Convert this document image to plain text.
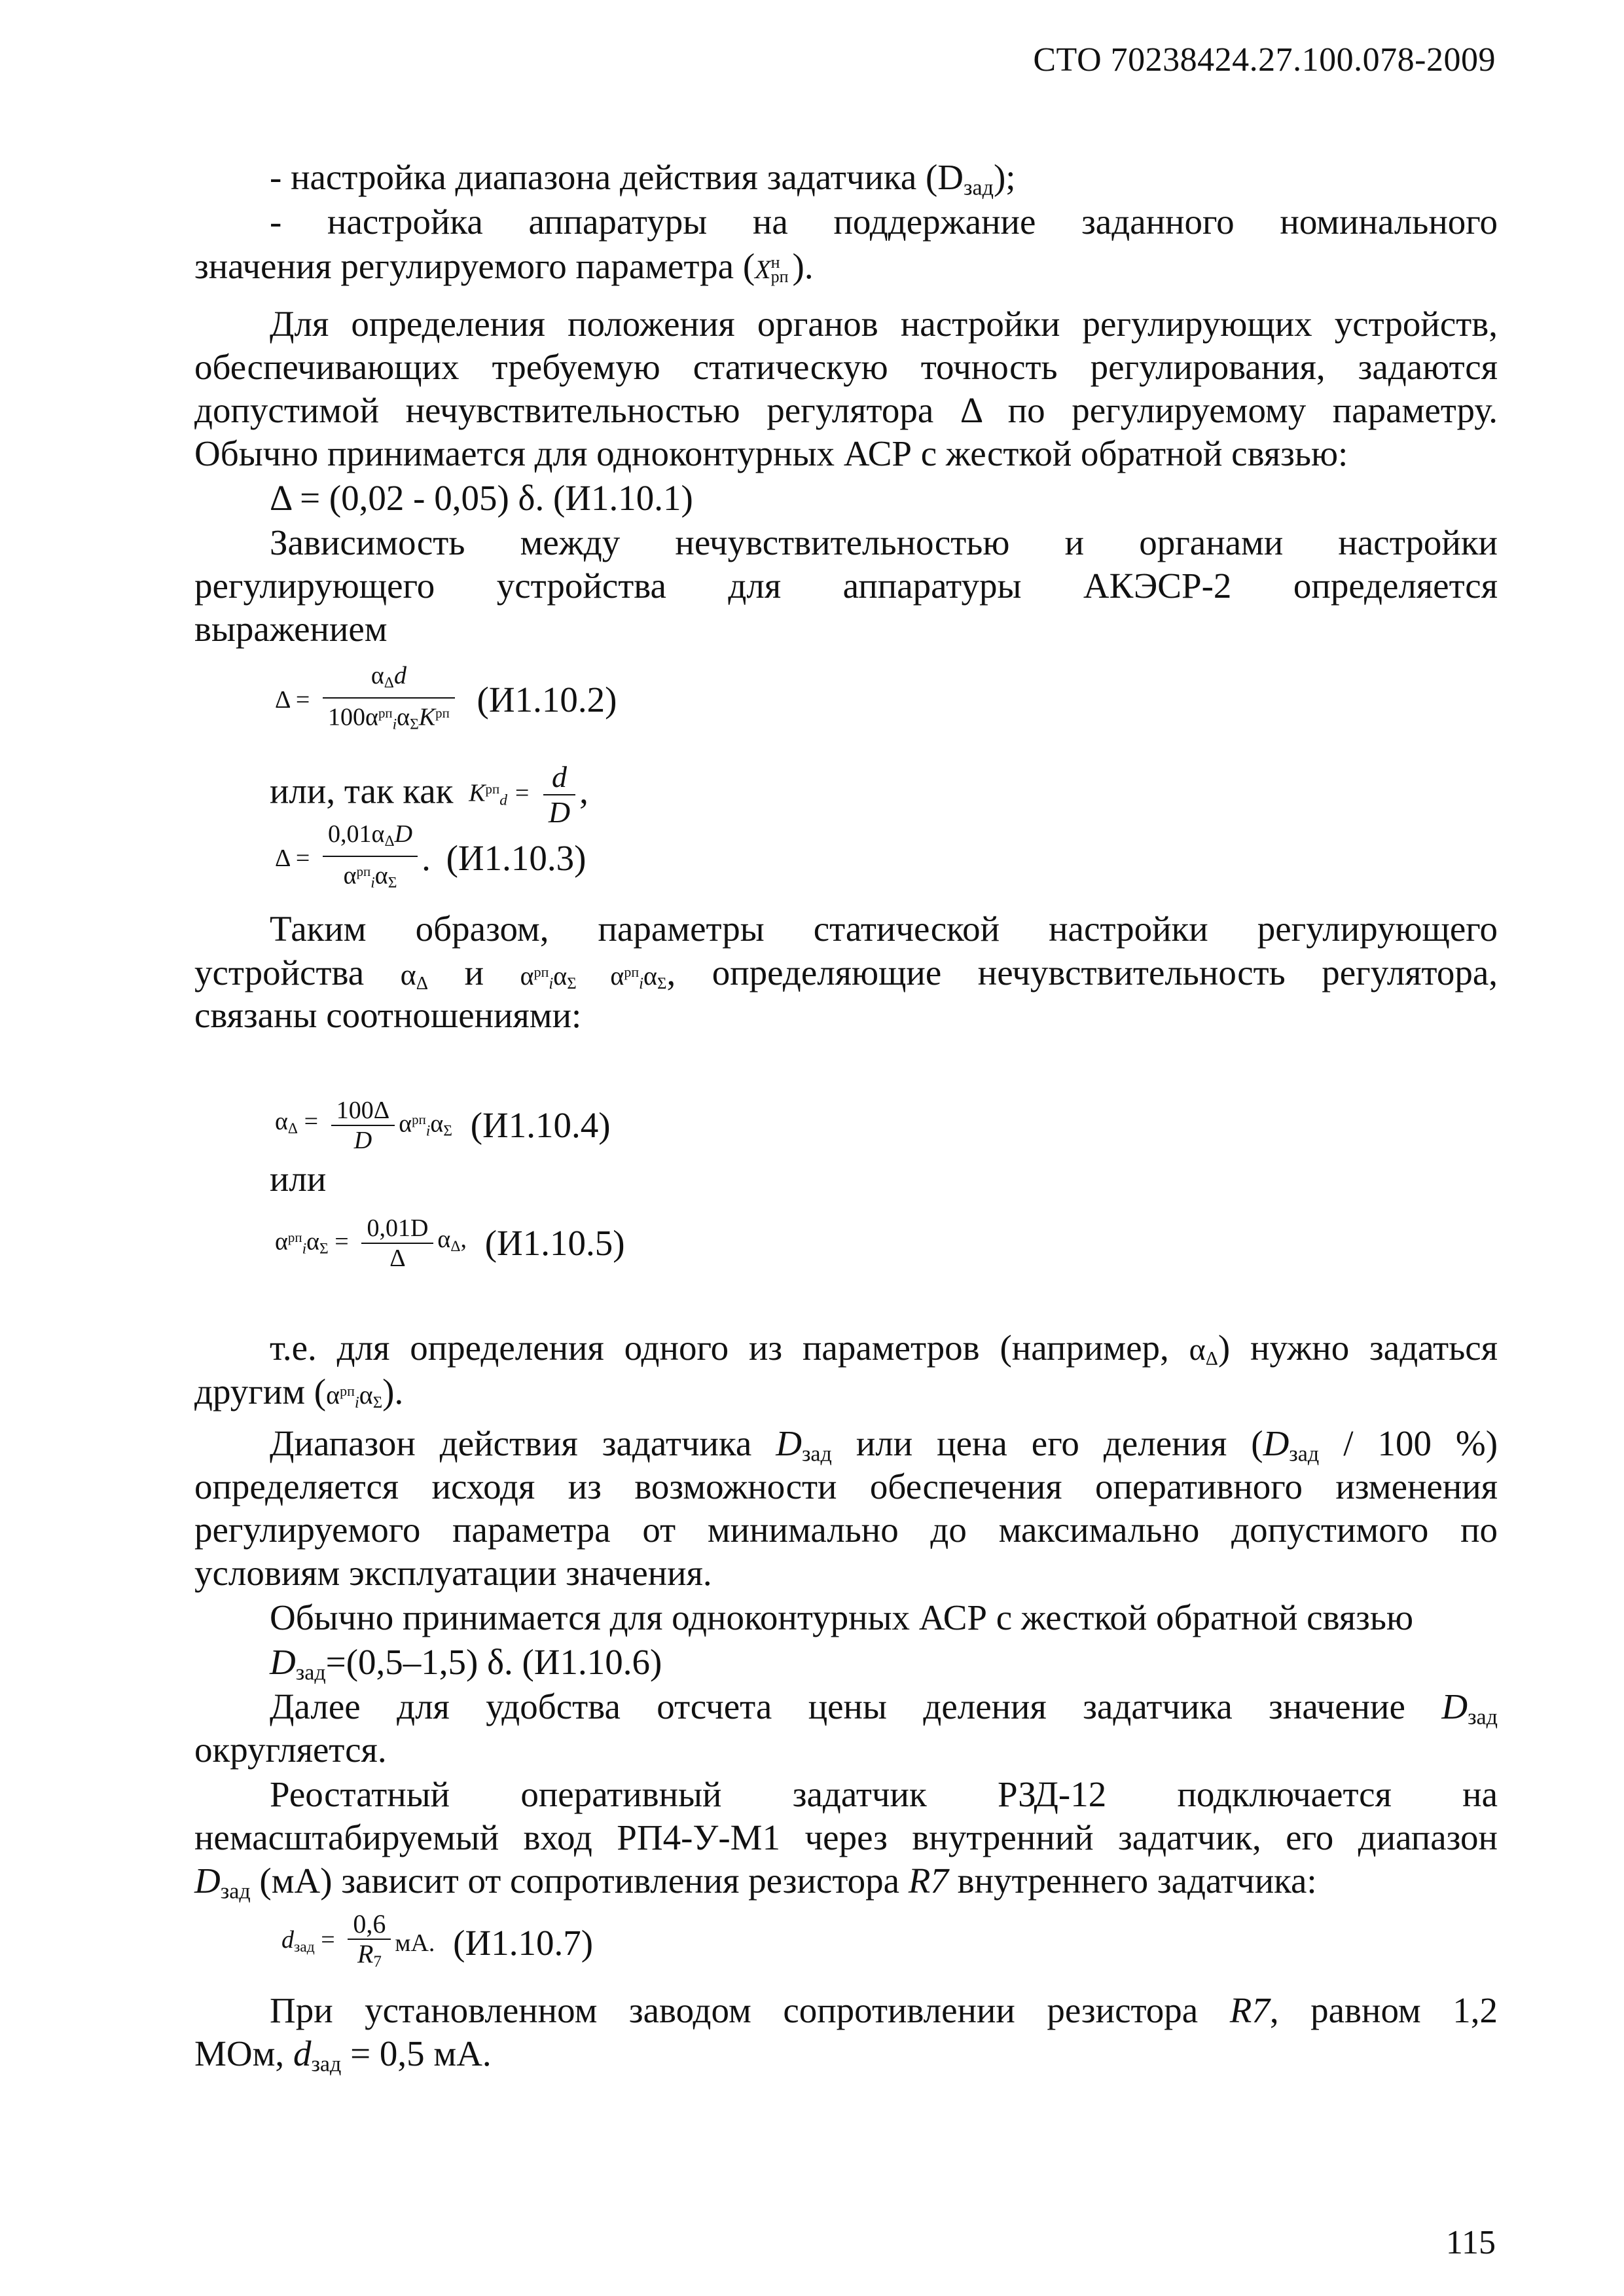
СТО 70238424.27.100.078-2009
- настройка диапазона действия задатчика $(D_{зад})$;
- настройка аппаратуры на поддержание заданного номинального
значения регулируемого параметра (X н
рп ).
Для определения положения органов настройки регулирующих устройств,
обеспечивающих требуемую статическую точность регулирования, задаются
допустимой нечувствительностью регулятора Δ по регулируемому параметру.
Обычно принимается для одноконтурных АСР с жесткой обратной связью:
Δ = (0,02 - 0,05) δ. (И1.10.1)
Зависимость между нечувствительностью и органами настройки
регулирующего устройства для аппаратуры АКЭСР-2 определяется
выражением
$\Delta = \frac{\alpha_\Delta d}{100\alpha^{рп}_i\alpha_\Sigma K^{рп}} (И1.10.2)$
или, так как $K^{рп}_d = \frac{d}{D}$ ,
$\Delta = \frac{0,01\alpha_\Delta D}{\alpha^{рп}_i\alpha_\Sigma}$ . (И1.10.3)
Таким образом, параметры статической настройки регулирующего
устройства $\alpha_\Delta$ и $\alpha^{рп}_i\alpha_\Sigma$ $\alpha^{рп}_i\alpha_\Sigma$, определяющие нечувствительность регулятора,
связаны соотношениями:
$\alpha_\Delta = \frac{100\Delta}{D} \alpha^{рп}_i\alpha_\Sigma$ (И1.10.4)
или
$\alpha^{рп}_i\alpha_\Sigma = \frac{0,01D}{\Delta} \alpha_\Delta$, (И1.10.5)
т.е. для определения одного из параметров (например, $\alpha_\Delta$) нужно задаться
другим $(\alpha^{рп}_i\alpha_\Sigma)$.
Диапазон действия задатчика $D_{зад}$ или цена его деления ($D_{зад} / 100$ %)
определяется исходя из возможности обеспечения оперативного изменения
регулируемого параметра от минимально до максимально допустимого по
условиям эксплуатации значения.
Обычно принимается для одноконтурных АСР с жесткой обратной связью
$D_{зад}=(0,5-1,5)$ δ. (И1.10.6)
Далее для удобства отсчета цены деления задатчика значение $D_{зад}$
округляется.
Реостатный оперативный задатчик РЗД-12 подключается на
немасштабируемый вход РП4-У-М1 через внутренний задатчик, его диапазон
$D_{зад}$ (мА) зависит от сопротивления резистора R7 внутреннего задатчика:
$d_{зад} = \frac{0,6}{R_7}$ мА. (И1.10.7)
При установленном заводом сопротивлении резистора R7, равном 1,2
МОм, $d_{зад} = 0,5$ мА.
115
